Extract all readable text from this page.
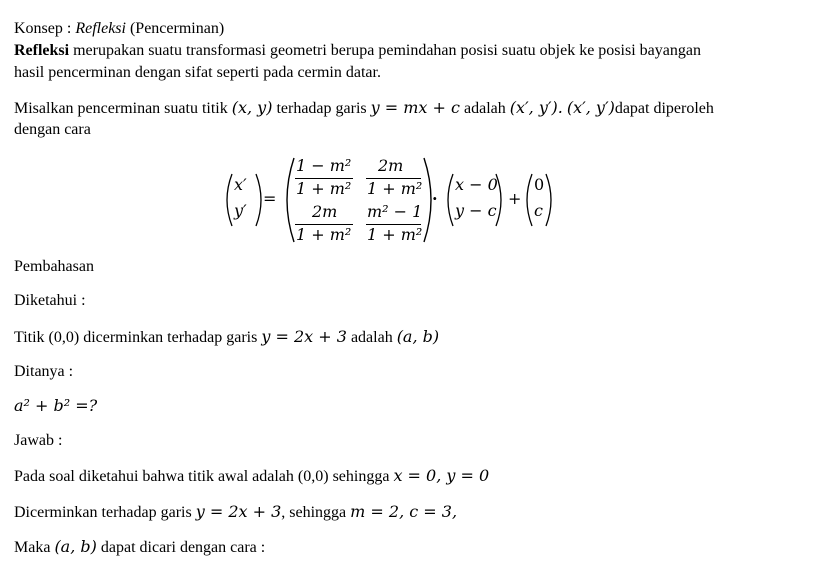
Konsep : Refleksi (Pencerminan)
Refleksi merupakan suatu transformasi geometri berupa pemindahan posisi suatu objek ke posisi bayangan
hasil pencerminan dengan sifat seperti pada cermin datar.
Misalkan pencerminan suatu titik (x, y) terhadap garis y = mx + c adalah (x′, y′). (x′, y′)dapat diperoleh
dengan cara
x′
y′
=
1 − m²
1 + m²
2m
1 + m²
2m
1 + m²
m² − 1
1 + m²
·
x − 0
y − c
+
0
c
Pembahasan
Diketahui :
Titik (0,0) dicerminkan terhadap garis y = 2x + 3 adalah (a, b)
Ditanya :
a² + b² =?
Jawab :
Pada soal diketahui bahwa titik awal adalah (0,0) sehingga x = 0, y = 0
Dicerminkan terhadap garis y = 2x + 3, sehingga m = 2, c = 3,
Maka (a, b) dapat dicari dengan cara :
